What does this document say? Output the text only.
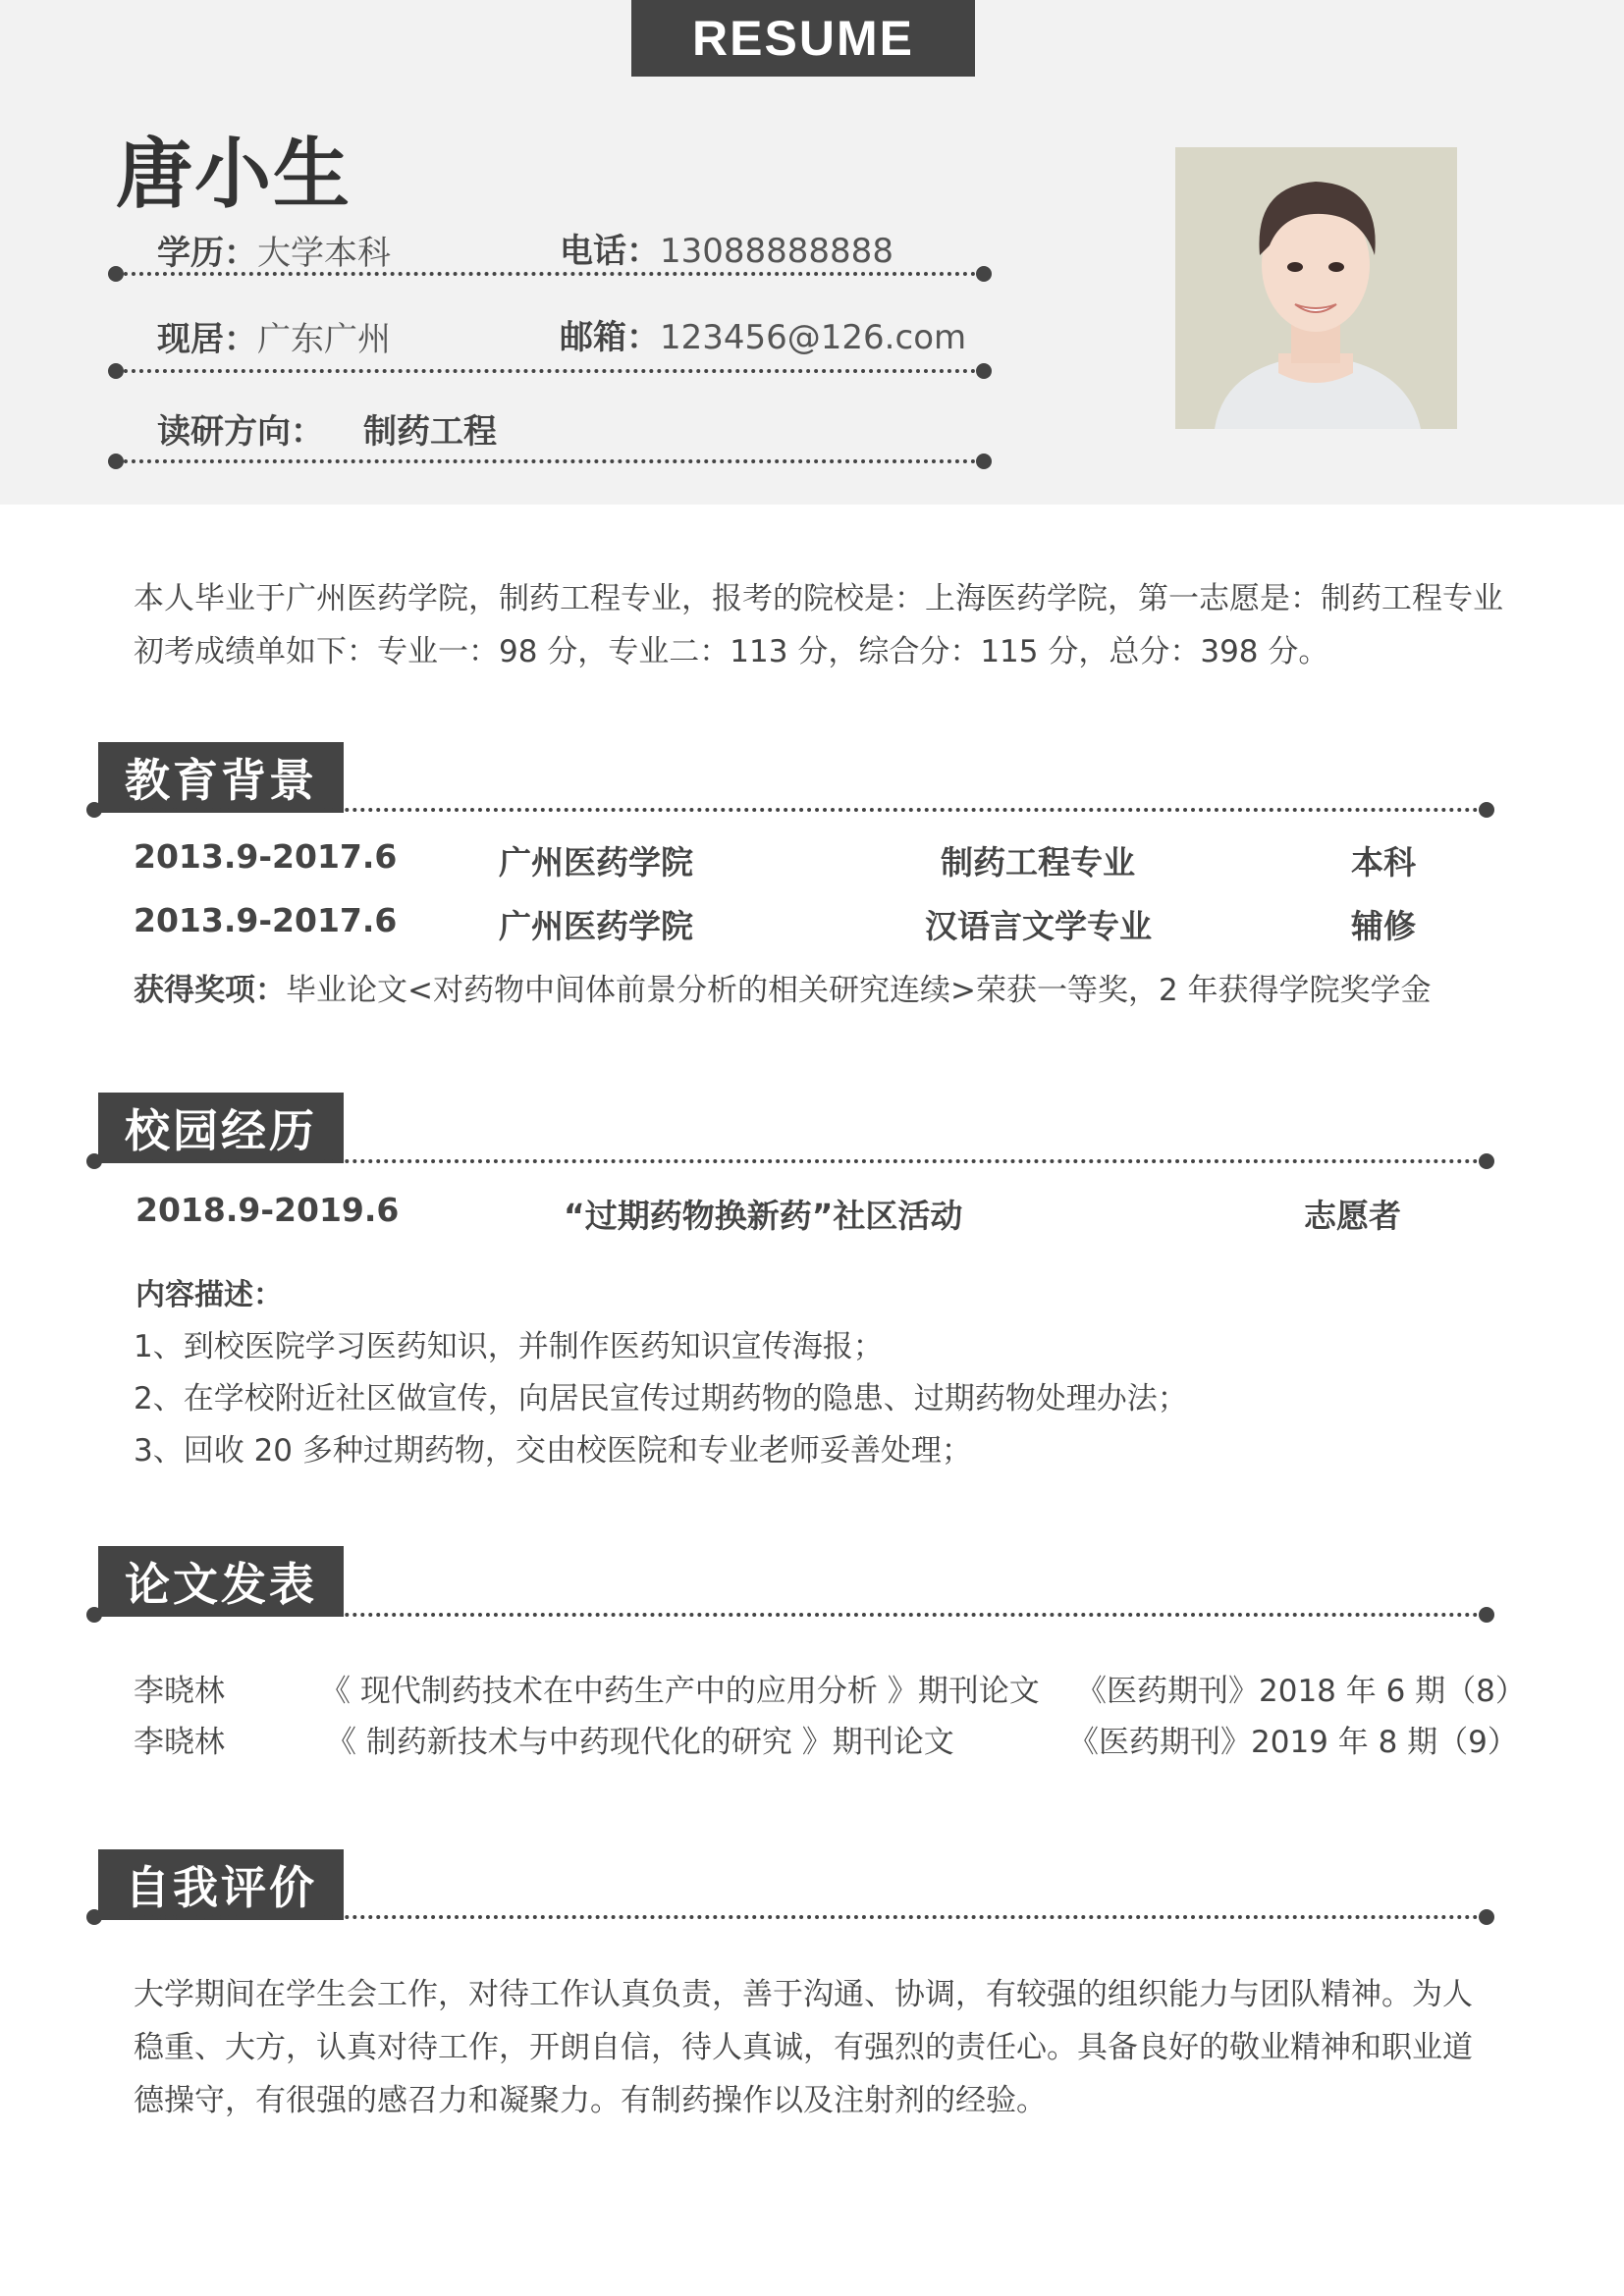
RESUME
唐小生
学历：大学本科	电话：13088888888
现居：广东广州	邮箱：123456@126.com
读研方向： 制药工程
本人毕业于广州医药学院，制药工程专业，报考的院校是：上海医药学院，第一志愿是：制药工程专业
初考成绩单如下：专业一：98 分，专业二：113 分，综合分：115 分，总分：398 分。
教育背景
2013.9-2017.6	广州医药学院	制药工程专业	本科
2013.9-2017.6	广州医药学院	汉语言文学专业	辅修
获得奖项：毕业论文<对药物中间体前景分析的相关研究连续>荣获一等奖，2 年获得学院奖学金
校园经历
2018.9-2019.6	“过期药物换新药”社区活动	志愿者
内容描述：
1、到校医院学习医药知识，并制作医药知识宣传海报；
2、在学校附近社区做宣传，向居民宣传过期药物的隐患、过期药物处理办法；
3、回收 20 多种过期药物，交由校医院和专业老师妥善处理；
论文发表
李晓林	《 现代制药技术在中药生产中的应用分析 》期刊论文 《医药期刊》2018 年 6 期（8）
李晓林	《 制药新技术与中药现代化的研究 》期刊论文	《医药期刊》2019 年 8 期（9）
自我评价
大学期间在学生会工作，对待工作认真负责，善于沟通、协调，有较强的组织能力与团队精神。为人
稳重、大方，认真对待工作，开朗自信，待人真诚，有强烈的责任心。具备良好的敬业精神和职业道
德操守，有很强的感召力和凝聚力。有制药操作以及注射剂的经验。
